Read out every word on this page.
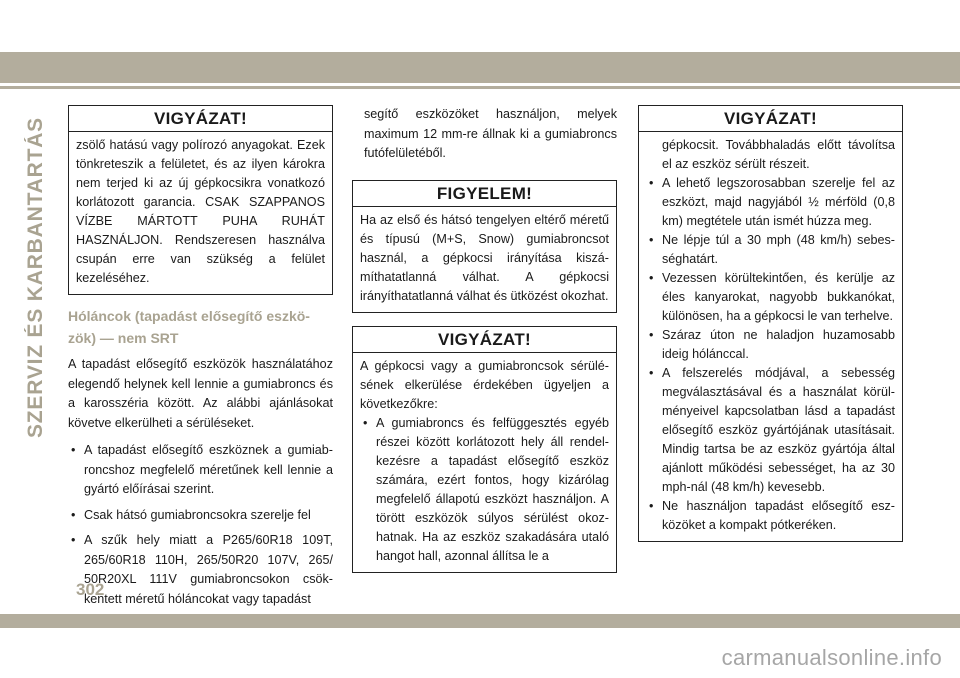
SZERVIZ ÉS KARBANTARTÁS	VIGYÁZAT!
zsölő hatású vagy polírozó anyagokat. Ezek tönkreteszik a felületet, és az ilyen károkra nem terjed ki az új gépkocsikra vonatkozó korlátozott garancia. CSAK SZAPPANOS VÍZBE MÁRTOTT PUHA RUHÁT HASZNÁLJON. Rendszeresen használva csupán erre van szükség a felület kezeléséhez.
Hóláncok (tapadást elősegítő eszközök) — nem SRT

A tapadást elősegítő eszközök használatához elegendő helynek kell lennie a gumiabroncs és a karosszéria között. Az alábbi ajánlásokat követve elkerülheti a sérüléseket.

• A tapadást elősegítő eszköznek a gumiabroncshoz megfelelő méretűnek kell lennie a gyártó előírásai szerint.
• Csak hátsó gumiabroncsokra szerelje fel
• A szűk hely miatt a P265/60R18 109T, 265/60R18 110H, 265/50R20 107V, 265/ 50R20XL 111V gumiabroncsokon csökkentett méretű hóláncokat vagy tapadást

segítő eszközöket használjon, melyek maximum 12 mm-re állnak ki a gumiabroncs futófelületéből.

FIGYELEM!
Ha az első és hátsó tengelyen eltérő méretű és típusú (M+S, Snow) gumiabroncsot használ, a gépkocsi irányítása kiszámíthatatlanná válhat. A gépkocsi irányíthatatlanná válhat és ütközést okozhat.
VIGYÁZAT!
A gépkocsi vagy a gumiabroncsok sérülésének elkerülése érdekében ügyeljen a következőkre:
• A gumiabroncs és felfüggesztés egyéb részei között korlátozott hely áll rendelkezésre a tapadást elősegítő eszköz számára, ezért fontos, hogy kizárólag megfelelő állapotú eszközt használjon. A törött eszközök súlyos sérülést okozhatnak. Ha az eszköz szakadására utaló hangot hall, azonnal állítsa le a
VIGYÁZAT!
gépkocsit. Továbbhaladás előtt távolítsa el az eszköz sérült részeit.
• A lehető legszorosabban szerelje fel az eszközt, majd nagyjából ½ mérföld (0,8 km) megtétele után ismét húzza meg.
• Ne lépje túl a 30 mph (48 km/h) sebességhatárt.
• Vezessen körültekintően, és kerülje az éles kanyarokat, nagyobb bukkanókat, különösen, ha a gépkocsi le van terhelve.
• Száraz úton ne haladjon huzamosabb ideig hólánccal.
• A felszerelés módjával, a sebesség megválasztásával és a használat körülményeivel kapcsolatban lásd a tapadást elősegítő eszköz gyártójának utasításait. Mindig tartsa be az eszköz gyártója által ajánlott működési sebességet, ha az 30 mph-nál (48 km/h) kevesebb.
• Ne használjon tapadást elősegítő eszközöket a kompakt pótkeréken.
302
carmanualsonline.info
